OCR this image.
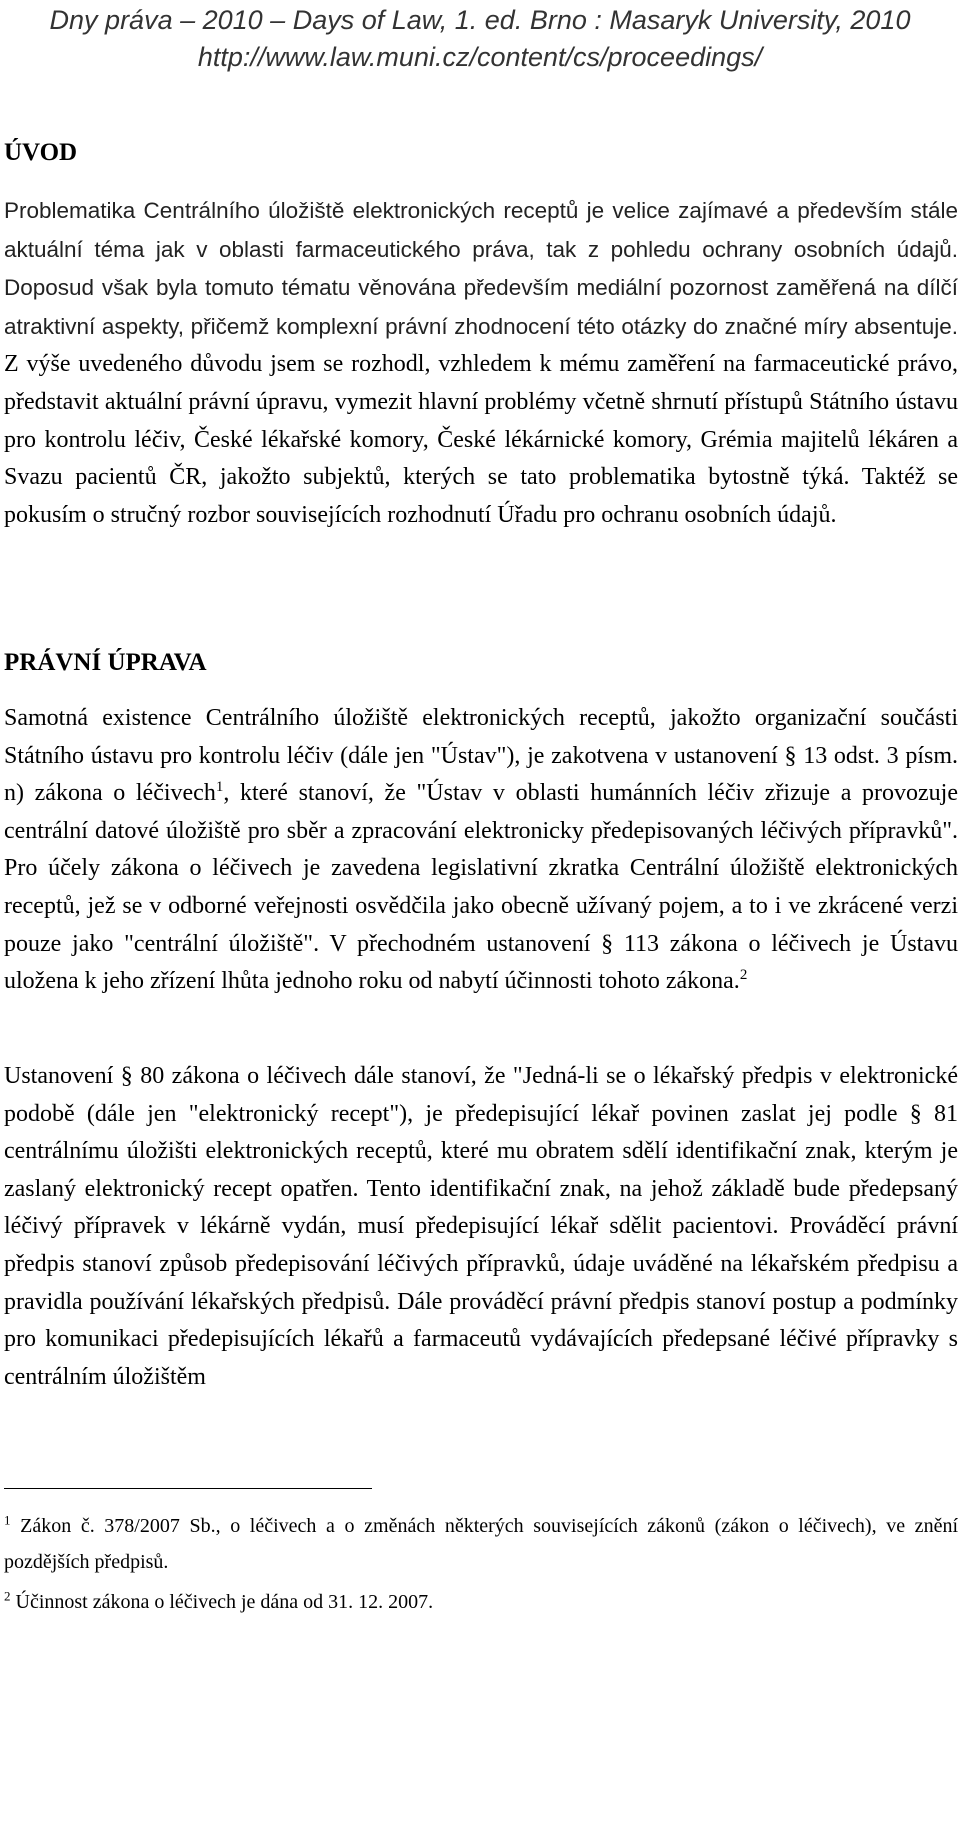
Dny práva – 2010 – Days of Law, 1. ed. Brno : Masaryk University, 2010
http://www.law.muni.cz/content/cs/proceedings/
ÚVOD

Problematika Centrálního úložiště elektronických receptů je velice zajímavé a především stále aktuální téma jak v oblasti farmaceutického práva, tak z pohledu ochrany osobních údajů. Doposud však byla tomuto tématu věnována především mediální pozornost zaměřená na dílčí atraktivní aspekty, přičemž komplexní právní zhodnocení této otázky do značné míry absentuje. Z výše uvedeného důvodu jsem se rozhodl, vzhledem k mému zaměření na farmaceutické právo, představit aktuální právní úpravu, vymezit hlavní problémy včetně shrnutí přístupů Státního ústavu pro kontrolu léčiv, České lékařské komory, České lékárnické komory, Grémia majitelů lékáren a Svazu pacientů ČR, jakožto subjektů, kterých se tato problematika bytostně týká. Taktéž se pokusím o stručný rozbor souvisejících rozhodnutí Úřadu pro ochranu osobních údajů.

PRÁVNÍ ÚPRAVA

Samotná existence Centrálního úložiště elektronických receptů, jakožto organizační součásti Státního ústavu pro kontrolu léčiv (dále jen "Ústav"), je zakotvena v ustanovení § 13 odst. 3 písm. n) zákona o léčivech$^1$, které stanoví, že "Ústav v oblasti humánních léčiv zřizuje a provozuje centrální datové úložiště pro sběr a zpracování elektronicky předepisovaných léčivých přípravků". Pro účely zákona o léčivech je zavedena legislativní zkratka Centrální úložiště elektronických receptů, jež se v odborné veřejnosti osvědčila jako obecně užívaný pojem, a to i ve zkrácené verzi pouze jako "centrální úložiště". V přechodném ustanovení § 113 zákona o léčivech je Ústavu uložena k jeho zřízení lhůta jednoho roku od nabytí účinnosti tohoto zákona.$^2$

Ustanovení § 80 zákona o léčivech dále stanoví, že "Jedná-li se o lékařský předpis v elektronické podobě (dále jen "elektronický recept"), je předepisující lékař povinen zaslat jej podle § 81 centrálnímu úložišti elektronických receptů, které mu obratem sdělí identifikační znak, kterým je zaslaný elektronický recept opatřen. Tento identifikační znak, na jehož základě bude předepsaný léčivý přípravek v lékárně vydán, musí předepisující lékař sdělit pacientovi. Prováděcí právní předpis stanoví způsob předepisování léčivých přípravků, údaje uváděné na lékařském předpisu a pravidla používání lékařských předpisů. Dále prováděcí právní předpis stanoví postup a podmínky pro komunikaci předepisujících lékařů a farmaceutů vydávajících předepsané léčivé přípravky s centrálním úložištěm

$^1$ Zákon č. 378/2007 Sb., o léčivech a o změnách některých souvisejících zákonů (zákon o léčivech), ve znění pozdějších předpisů.

$^2$ Účinnost zákona o léčivech je dána od 31. 12. 2007.
